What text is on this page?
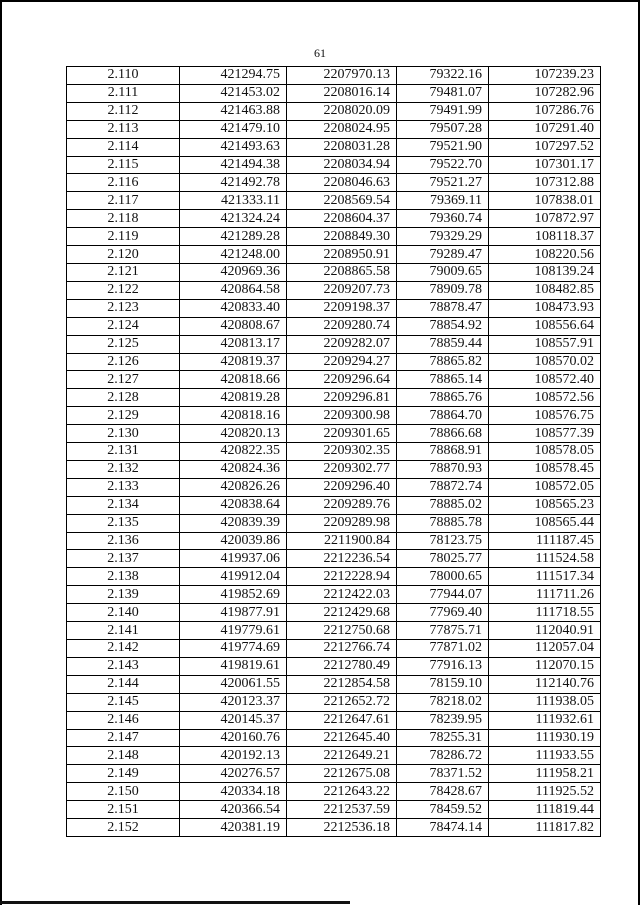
61
2.110	421294.75	2207970.13	79322.16	107239.23
2.111	421453.02	2208016.14	79481.07	107282.96
2.112	421463.88	2208020.09	79491.99	107286.76
2.113	421479.10	2208024.95	79507.28	107291.40
2.114	421493.63	2208031.28	79521.90	107297.52
2.115	421494.38	2208034.94	79522.70	107301.17
2.116	421492.78	2208046.63	79521.27	107312.88
2.117	421333.11	2208569.54	79369.11	107838.01
2.118	421324.24	2208604.37	79360.74	107872.97
2.119	421289.28	2208849.30	79329.29	108118.37
2.120	421248.00	2208950.91	79289.47	108220.56
2.121	420969.36	2208865.58	79009.65	108139.24
2.122	420864.58	2209207.73	78909.78	108482.85
2.123	420833.40	2209198.37	78878.47	108473.93
2.124	420808.67	2209280.74	78854.92	108556.64
2.125	420813.17	2209282.07	78859.44	108557.91
2.126	420819.37	2209294.27	78865.82	108570.02
2.127	420818.66	2209296.64	78865.14	108572.40
2.128	420819.28	2209296.81	78865.76	108572.56
2.129	420818.16	2209300.98	78864.70	108576.75
2.130	420820.13	2209301.65	78866.68	108577.39
2.131	420822.35	2209302.35	78868.91	108578.05
2.132	420824.36	2209302.77	78870.93	108578.45
2.133	420826.26	2209296.40	78872.74	108572.05
2.134	420838.64	2209289.76	78885.02	108565.23
2.135	420839.39	2209289.98	78885.78	108565.44
2.136	420039.86	2211900.84	78123.75	111187.45
2.137	419937.06	2212236.54	78025.77	111524.58
2.138	419912.04	2212228.94	78000.65	111517.34
2.139	419852.69	2212422.03	77944.07	111711.26
2.140	419877.91	2212429.68	77969.40	111718.55
2.141	419779.61	2212750.68	77875.71	112040.91
2.142	419774.69	2212766.74	77871.02	112057.04
2.143	419819.61	2212780.49	77916.13	112070.15
2.144	420061.55	2212854.58	78159.10	112140.76
2.145	420123.37	2212652.72	78218.02	111938.05
2.146	420145.37	2212647.61	78239.95	111932.61
2.147	420160.76	2212645.40	78255.31	111930.19
2.148	420192.13	2212649.21	78286.72	111933.55
2.149	420276.57	2212675.08	78371.52	111958.21
2.150	420334.18	2212643.22	78428.67	111925.52
2.151	420366.54	2212537.59	78459.52	111819.44
2.152	420381.19	2212536.18	78474.14	111817.82
